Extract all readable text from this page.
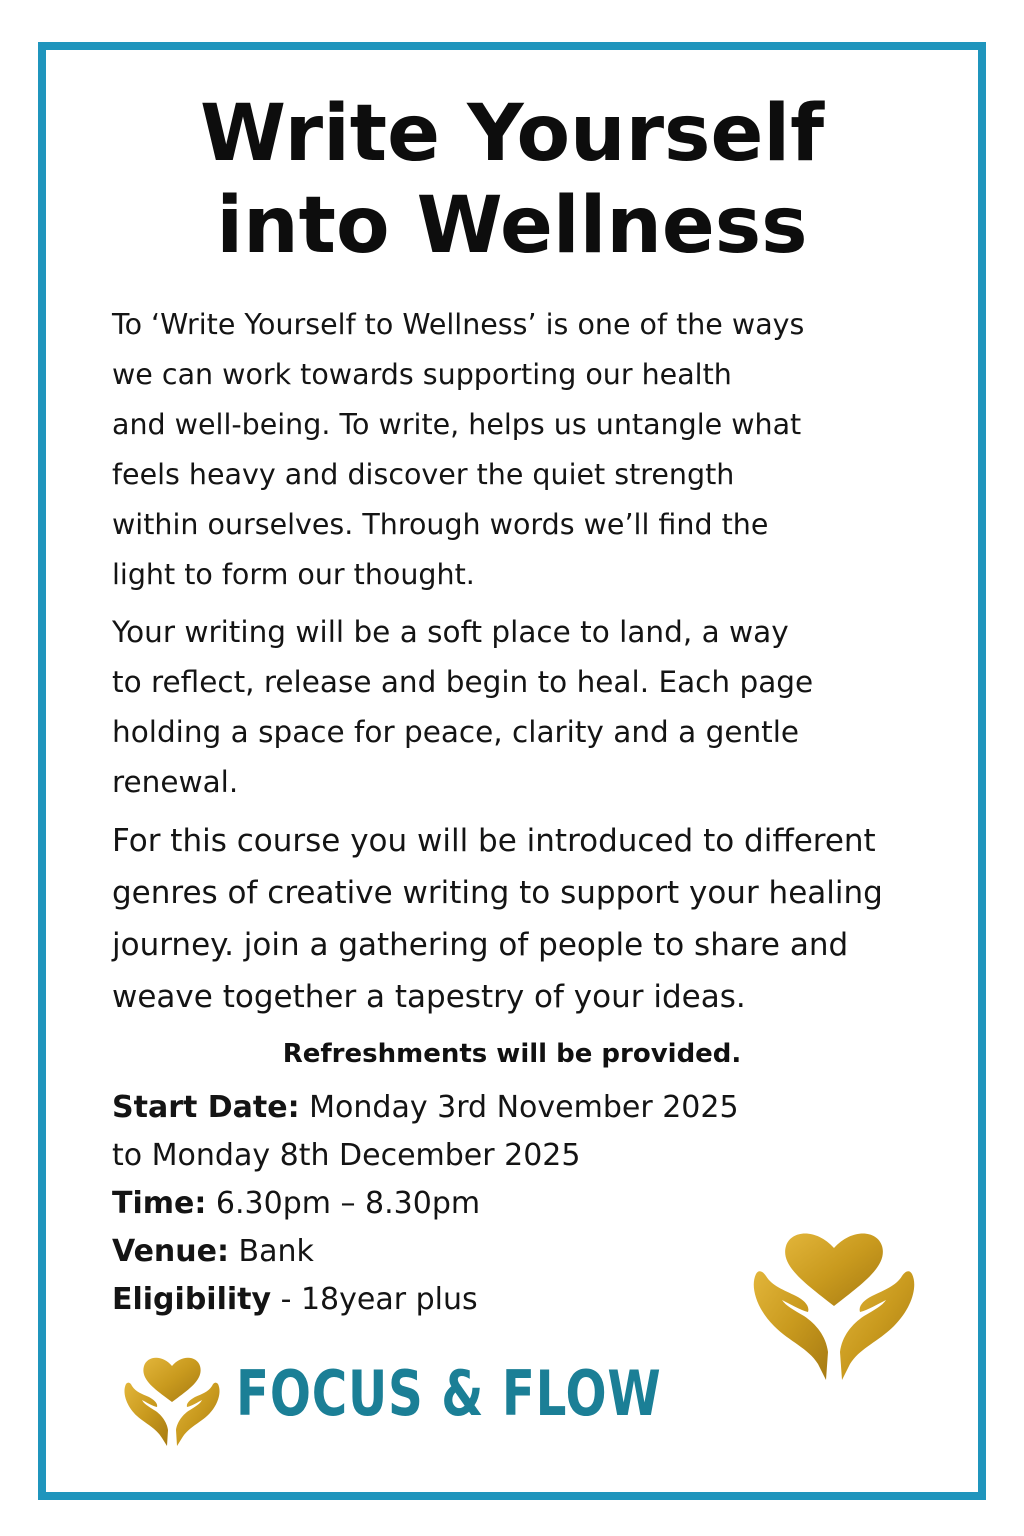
Write Yourself
into Wellness

To ‘Write Yourself to Wellness’ is one of the ways
we can work towards supporting our health
and well-being. To write, helps us untangle what
feels heavy and discover the quiet strength
within ourselves. Through words we’ll find the
light to form our thought.

Your writing will be a soft place to land, a way
to reflect, release and begin to heal. Each page
holding a space for peace, clarity and a gentle
renewal.

For this course you will be introduced to different
genres of creative writing to support your healing
journey. join a gathering of people to share and
weave together a tapestry of your ideas.

Refreshments will be provided.
Start Date: Monday 3rd November 2025
to Monday 8th December 2025
Time: 6.30pm – 8.30pm
Venue: Bank
Eligibility - 18year plus
FOCUS & FLOW
